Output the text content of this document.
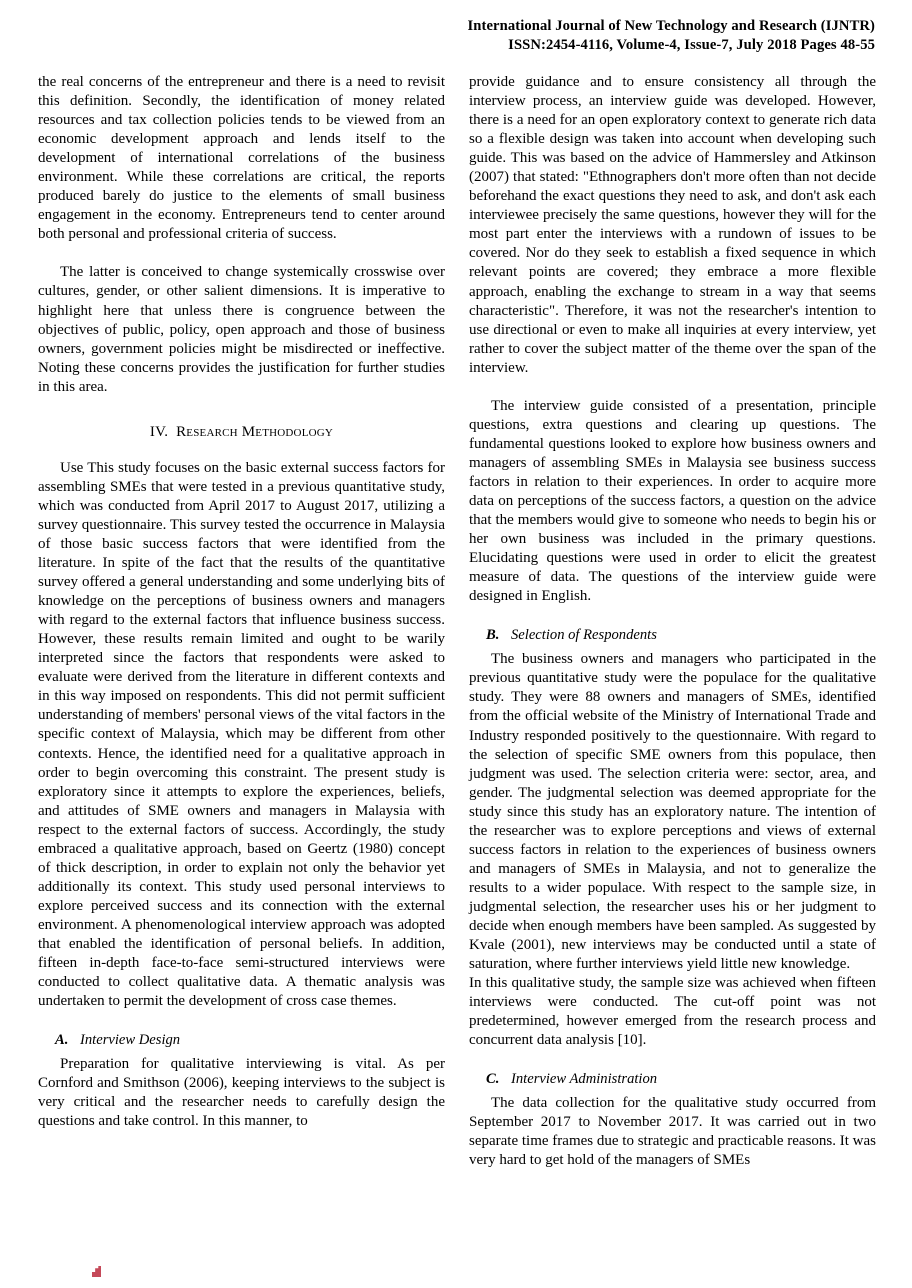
International Journal of New Technology and Research (IJNTR)
ISSN:2454-4116, Volume-4, Issue-7, July 2018 Pages 48-55

the real concerns of the entrepreneur and there is a need to revisit this definition. Secondly, the identification of money related resources and tax collection policies tends to be viewed from an economic development approach and lends itself to the development of international correlations of the business environment. While these correlations are critical, the reports produced barely do justice to the elements of small business engagement in the economy. Entrepreneurs tend to center around both personal and professional criteria of success.

The latter is conceived to change systemically crosswise over cultures, gender, or other salient dimensions. It is imperative to highlight here that unless there is congruence between the objectives of public, policy, open approach and those of business owners, government policies might be misdirected or ineffective. Noting these concerns provides the justification for further studies in this area.

IV. Research Methodology

Use This study focuses on the basic external success factors for assembling SMEs that were tested in a previous quantitative study, which was conducted from April 2017 to August 2017, utilizing a survey questionnaire. This survey tested the occurrence in Malaysia of those basic success factors that were identified from the literature. In spite of the fact that the results of the quantitative survey offered a general understanding and some underlying bits of knowledge on the perceptions of business owners and managers with regard to the external factors that influence business success. However, these results remain limited and ought to be warily interpreted since the factors that respondents were asked to evaluate were derived from the literature in different contexts and in this way imposed on respondents. This did not permit sufficient understanding of members' personal views of the vital factors in the specific context of Malaysia, which may be different from other contexts. Hence, the identified need for a qualitative approach in order to begin overcoming this constraint. The present study is exploratory since it attempts to explore the experiences, beliefs, and attitudes of SME owners and managers in Malaysia with respect to the external factors of success. Accordingly, the study embraced a qualitative approach, based on Geertz (1980) concept of thick description, in order to explain not only the behavior yet additionally its context. This study used personal interviews to explore perceived success and its connection with the external environment. A phenomenological interview approach was adopted that enabled the identification of personal beliefs. In addition, fifteen in-depth face-to-face semi-structured interviews were conducted to collect qualitative data. A thematic analysis was undertaken to permit the development of cross case themes.

A. Interview Design

Preparation for qualitative interviewing is vital. As per Cornford and Smithson (2006), keeping interviews to the subject is very critical and the researcher needs to carefully design the questions and take control. In this manner, to

provide guidance and to ensure consistency all through the interview process, an interview guide was developed. However, there is a need for an open exploratory context to generate rich data so a flexible design was taken into account when developing such guide. This was based on the advice of Hammersley and Atkinson (2007) that stated: "Ethnographers don't more often than not decide beforehand the exact questions they need to ask, and don't ask each interviewee precisely the same questions, however they will for the most part enter the interviews with a rundown of issues to be covered. Nor do they seek to establish a fixed sequence in which relevant points are covered; they embrace a more flexible approach, enabling the exchange to stream in a way that seems characteristic". Therefore, it was not the researcher's intention to use directional or even to make all inquiries at every interview, yet rather to cover the subject matter of the theme over the span of the interview.

The interview guide consisted of a presentation, principle questions, extra questions and clearing up questions. The fundamental questions looked to explore how business owners and managers of assembling SMEs in Malaysia see business success factors in relation to their experiences. In order to acquire more data on perceptions of the success factors, a question on the advice that the members would give to someone who needs to begin his or her own business was included in the primary questions. Elucidating questions were used in order to elicit the greatest measure of data. The questions of the interview guide were designed in English.

B. Selection of Respondents

The business owners and managers who participated in the previous quantitative study were the populace for the qualitative study. They were 88 owners and managers of SMEs, identified from the official website of the Ministry of International Trade and Industry responded positively to the questionnaire. With regard to the selection of specific SME owners from this populace, then judgment was used. The selection criteria were: sector, area, and gender. The judgmental selection was deemed appropriate for the study since this study has an exploratory nature. The intention of the researcher was to explore perceptions and views of external success factors in relation to the experiences of business owners and managers of SMEs in Malaysia, and not to generalize the results to a wider populace. With respect to the sample size, in judgmental selection, the researcher uses his or her judgment to decide when enough members have been sampled. As suggested by Kvale (2001), new interviews may be conducted until a state of saturation, where further interviews yield little new knowledge.

In this qualitative study, the sample size was achieved when fifteen interviews were conducted. The cut-off point was not predetermined, however emerged from the research process and concurrent data analysis [10].

C. Interview Administration

The data collection for the qualitative study occurred from September 2017 to November 2017. It was carried out in two separate time frames due to strategic and practicable reasons. It was very hard to get hold of the managers of SMEs
